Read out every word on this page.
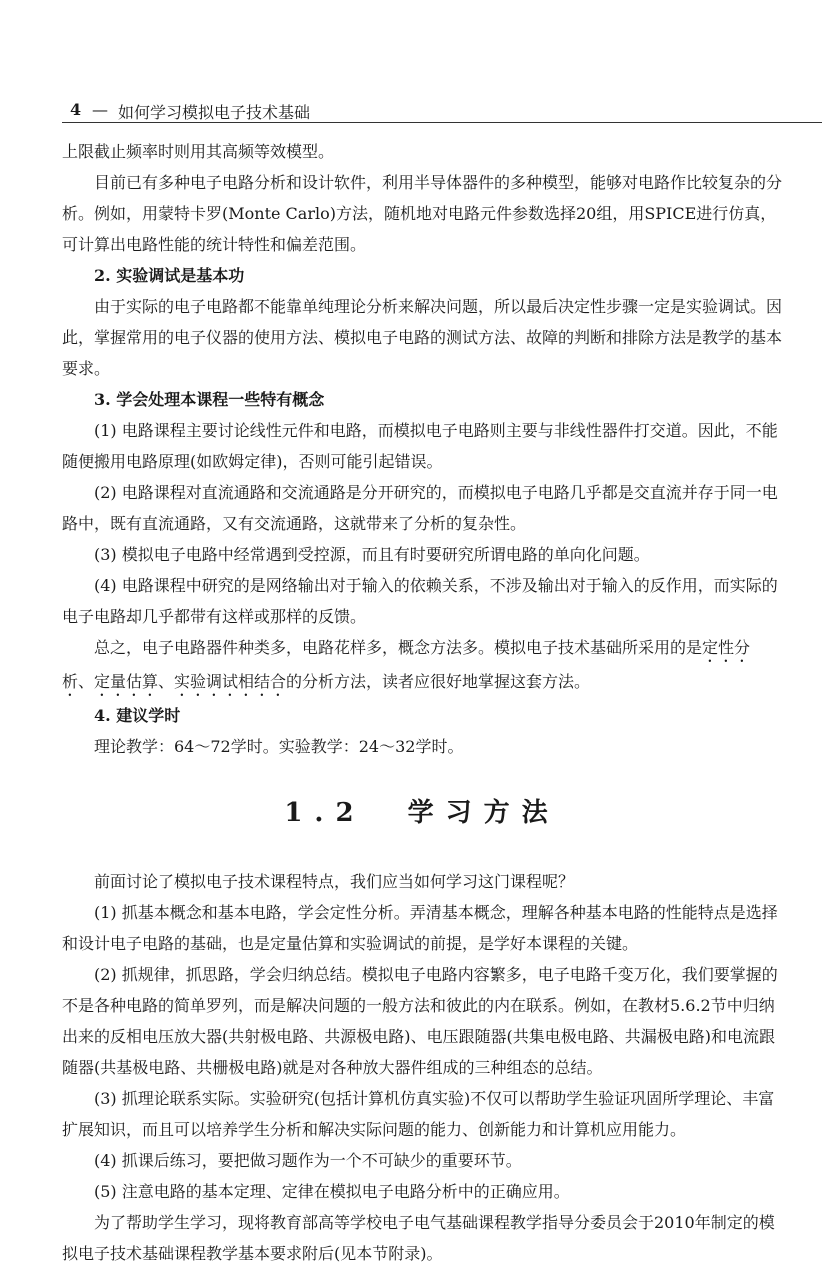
4 — 如何学习模拟电子技术基础

上限截止频率时则用其高频等效模型。

目前已有多种电子电路分析和设计软件，利用半导体器件的多种模型，能够对电路作比较复杂的分析。例如，用蒙特卡罗(Monte Carlo)方法，随机地对电路元件参数选择20组，用SPICE进行仿真，可计算出电路性能的统计特性和偏差范围。

2. 实验调试是基本功

由于实际的电子电路都不能靠单纯理论分析来解决问题，所以最后决定性步骤一定是实验调试。因此，掌握常用的电子仪器的使用方法、模拟电子电路的测试方法、故障的判断和排除方法是教学的基本要求。

3. 学会处理本课程一些特有概念

(1) 电路课程主要讨论线性元件和电路，而模拟电子电路则主要与非线性器件打交道。因此，不能随便搬用电路原理(如欧姆定律)，否则可能引起错误。

(2) 电路课程对直流通路和交流通路是分开研究的，而模拟电子电路几乎都是交直流并存于同一电路中，既有直流通路，又有交流通路，这就带来了分析的复杂性。

(3) 模拟电子电路中经常遇到受控源，而且有时要研究所谓电路的单向化问题。

(4) 电路课程中研究的是网络输出对于输入的依赖关系，不涉及输出对于输入的反作用，而实际的电子电路却几乎都带有这样或那样的反馈。

总之，电子电路器件种类多，电路花样多，概念方法多。模拟电子技术基础所采用的是定性分析、定量估算、实验调试相结合的分析方法，读者应很好地掌握这套方法。

4. 建议学时

理论教学：64～72学时。实验教学：24～32学时。

1.2 学习方法

前面讨论了模拟电子技术课程特点，我们应当如何学习这门课程呢？

(1) 抓基本概念和基本电路，学会定性分析。弄清基本概念，理解各种基本电路的性能特点是选择和设计电子电路的基础，也是定量估算和实验调试的前提，是学好本课程的关键。

(2) 抓规律，抓思路，学会归纳总结。模拟电子电路内容繁多，电子电路千变万化，我们要掌握的不是各种电路的简单罗列，而是解决问题的一般方法和彼此的内在联系。例如，在教材5.6.2节中归纳出来的反相电压放大器(共射极电路、共源极电路)、电压跟随器(共集电极电路、共漏极电路)和电流跟随器(共基极电路、共栅极电路)就是对各种放大器件组成的三种组态的总结。

(3) 抓理论联系实际。实验研究(包括计算机仿真实验)不仅可以帮助学生验证巩固所学理论、丰富扩展知识，而且可以培养学生分析和解决实际问题的能力、创新能力和计算机应用能力。

(4) 抓课后练习，要把做习题作为一个不可缺少的重要环节。

(5) 注意电路的基本定理、定律在模拟电子电路分析中的正确应用。

为了帮助学生学习，现将教育部高等学校电子电气基础课程教学指导分委员会于2010年制定的模拟电子技术基础课程教学基本要求附后(见本节附录)。
